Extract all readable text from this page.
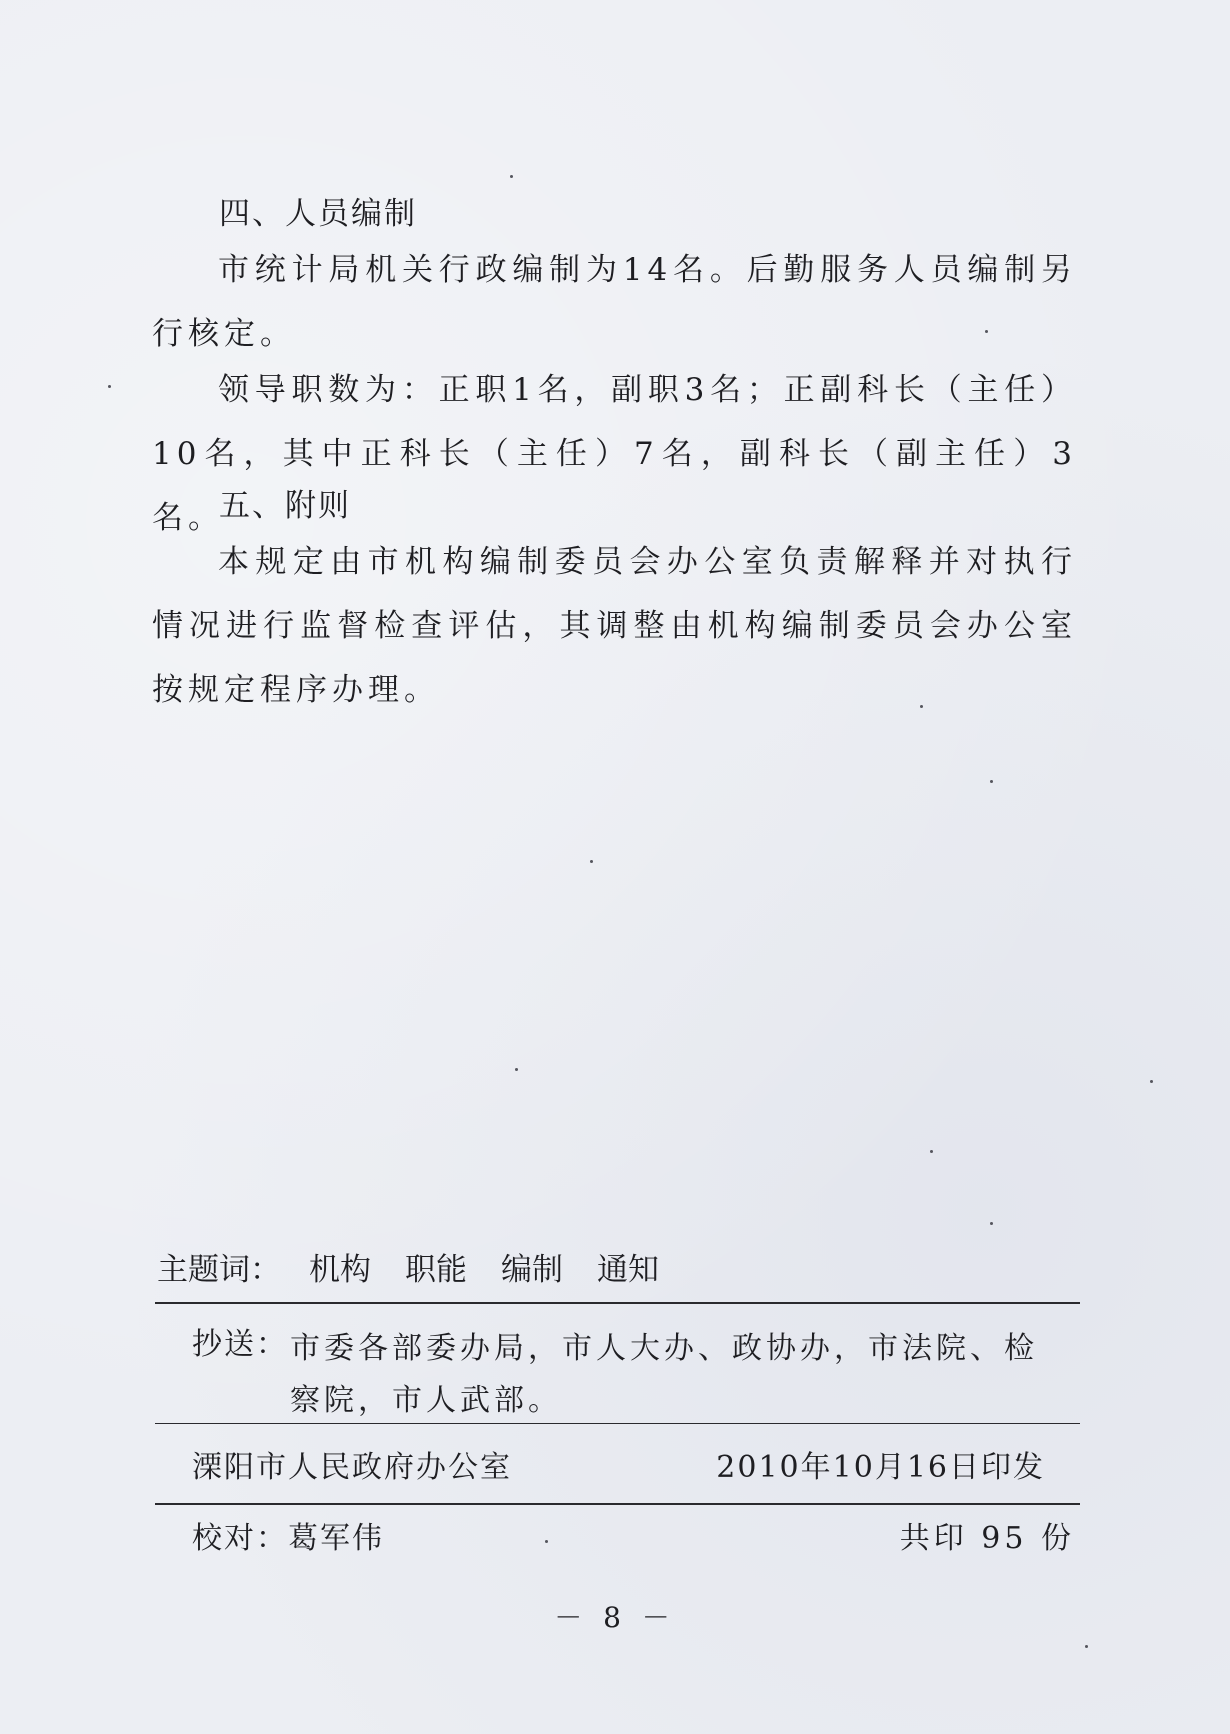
四、人员编制
市统计局机关行政编制为14名。后勤服务人员编制另行核定。
领导职数为：正职1名，副职3名；正副科长（主任）10名，其中正科长（主任）7名，副科长（副主任）3名。
五、附则
本规定由市机构编制委员会办公室负责解释并对执行情况进行监督检查评估，其调整由机构编制委员会办公室按规定程序办理。
主题词： 机构 职能 编制 通知
抄送： 市委各部委办局，市人大办、政协办，市法院、检察院，市人武部。
溧阳市人民政府办公室	2010年10月16日印发
校对：葛军伟	共印 95 份
－ 8 －
